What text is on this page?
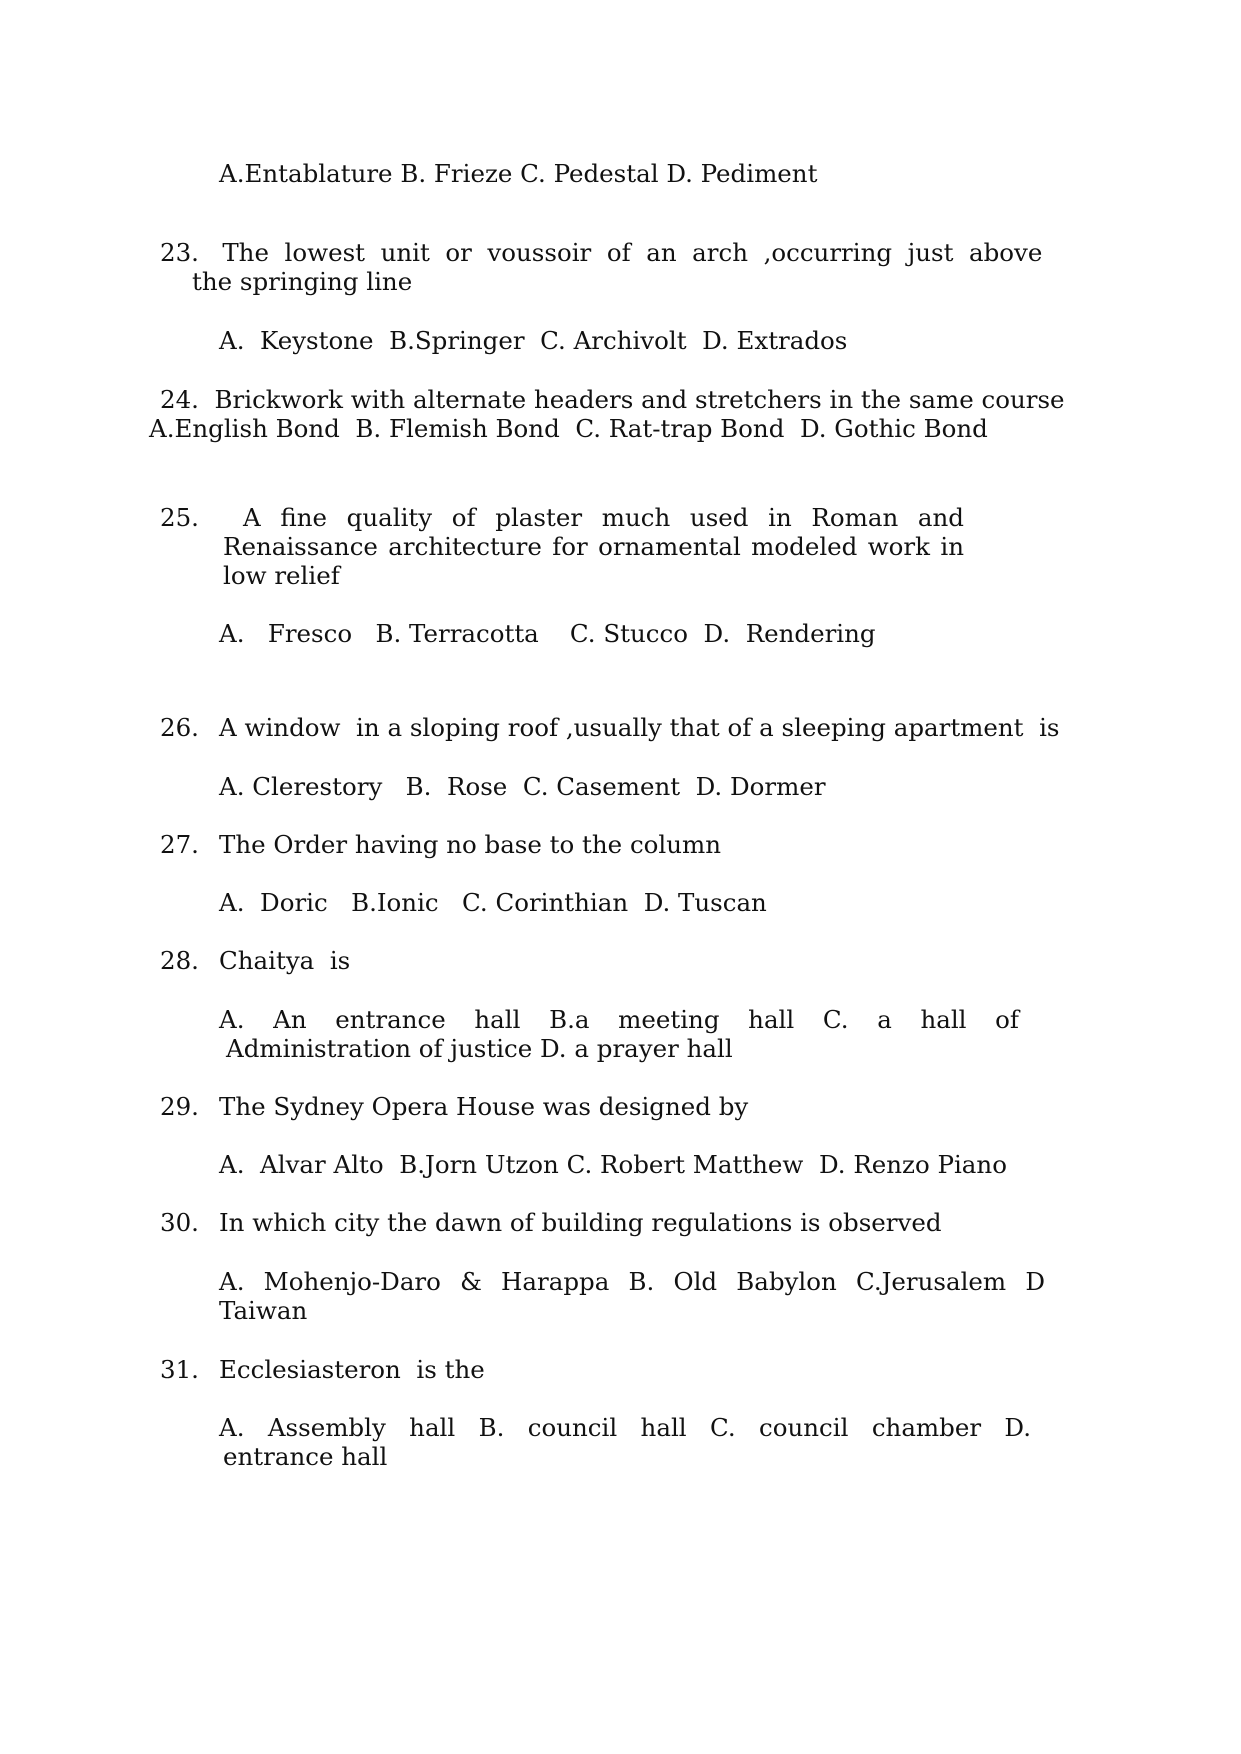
A.Entablature B. Frieze C. Pedestal D. Pediment
23.   The  lowest  unit  or  voussoir  of  an  arch  ,occurring  just  above
the springing line
A.  Keystone  B.Springer  C. Archivolt  D. Extrados
24.  Brickwork with alternate headers and stretchers in the same course
A.English Bond  B. Flemish Bond  C. Rat-trap Bond  D. Gothic Bond
25. A fine quality of plaster much used in Roman and
Renaissance architecture for ornamental modeled work in
low relief
A.   Fresco   B. Terracotta    C. Stucco  D.  Rendering
26. A window  in a sloping roof ,usually that of a sleeping apartment  is
A. Clerestory   B.  Rose  C. Casement  D. Dormer
27. The Order having no base to the column
A.  Doric   B.Ionic   C. Corinthian  D. Tuscan
28. Chaitya  is
A. An entrance hall B.a meeting hall C. a hall of
Administration of justice D. a prayer hall
29. The Sydney Opera House was designed by
A.  Alvar Alto  B.Jorn Utzon C. Robert Matthew  D. Renzo Piano
30. In which city the dawn of building regulations is observed
A. Mohenjo-Daro & Harappa B. Old Babylon C.Jerusalem D
Taiwan
31. Ecclesiasteron  is the
A. Assembly hall B. council hall C. council chamber D.
entrance hall
